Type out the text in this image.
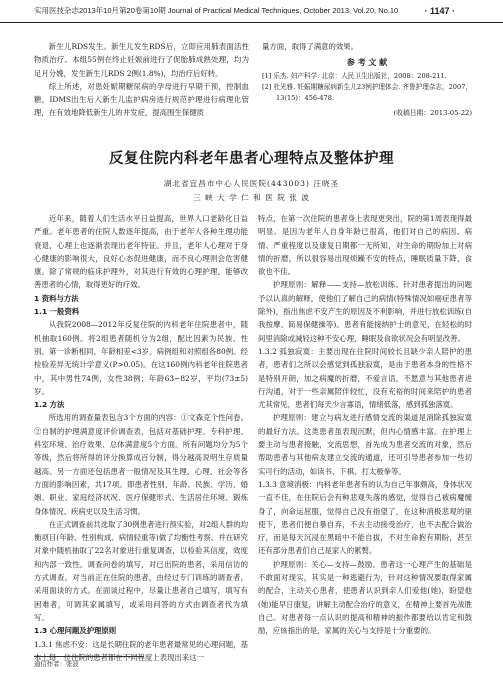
实用医技杂志2013年10月第20卷第10期 Journal of Practical Medical Techniques, October 2013, Vol.20, No.10	· 1147 ·

新生儿RDS发生。新生儿发生RDS后，立即应用肺表面活性物质治疗。本组55例在终止妊娠前进行了促胎肺成熟处理，均为足月分娩，发生新生儿RDS 2例(1.8%)，均治疗后好转。

综上所述，对患妊娠期糖尿病的孕母进行早期干预，控制血糖，IDMS出生后入新生儿监护病房进行规范护理进行病理化管理，在有效地降低新生儿的并发症，提高围生保健质

量方面，取得了满意的效果。

参 考 文 献

[1] 乐杰. 妇产科学. 北京：人民卫生出版社，2008：208-211.

[2] 杜光雅. 妊娠期糖尿病新生儿23例护理体会. 齐鲁护理杂志，2007，13(15)：456-478.

(收稿日期：2013-05-22)
反复住院内科老年患者心理特点及整体护理
湖北省宜昌市中心人民医院(443003) 汪晓圣
三 峡 大 学 仁 和 医 院 张 波

近年来，随着人们生活水平日益提高，世界人口老龄化日益严重。老年患者的住院人数逐年提高，由于老年人各种生理功能衰退，心理上也逐渐表现出老年特征。并且，老年人心理对于身心健康的影响很大，良好心态促进健康，而不良心理则会危害健康。除了常规的临床护理外，对其进行有效的心理护理，能够改善患者的心情，取得更好的疗效。

1 资料与方法

1.1 一般资料

从我院2008—2012年反复住院的内科老年住院患者中，随机抽取160例。将2组患者随机分为2组，配比因素为民族、性别、第一诊断相同，年龄相差<3岁。病例组和对照组各80例。经检验差异无统计学意义(P>0.05)。在这160例内科老年住院患者中，其中男性74例，女性38例；年龄63~82岁，平均(73±5)岁。

1.2 方法

所选用的调查量表包含3个方面的内容：①文森克个性问卷。②自制的护理满意度评价调查表，包括对基础护理、专科护理、科室环境、治疗效果、总体满意度5个方面。所有问题均分为5个等级，然后将所得的评分换算成百分制，得分越高说明生存质量越高。另一方面还包括患者一般情况及其生理、心理、社会等各方面的影响因素，共17项。即患者性别、年龄、民族、学历、婚姻、职业、家庭经济状况、医疗保健形式、生活居住环境、锻炼身体情况、疾病史以及生活习惯。

在正式调查前共选取了30例患者进行预实验，对2组人群的均衡项目(年龄、性别构成、病情轻重等)做了均衡性考察。并在研究对象中随机抽取了22名对象进行重复调查，以检验其信度，效度和内部一致性。调查问卷的填写，对已出院的患者，采用信访的方式调查。对当前正在住院的患者，由经过专门训练的调查者，采用面谈的方式。在面谈过程中，尽量让患者自己填写，填写有困难者，可调其家属填写，或采用问答的方式由调查者代为填写。

1.3 心理问题及护理原则

1.3.1 焦虑不安：这是长期住院的老年患者最常见的心理问题，基本上每一位住院的患者都在不同程度上表现出来这一

特点，在第一次住院的患者身上表现更突出，院的第1周表现得最明显。是因为老年人自身年龄已很高，他们对自己的病因、病情、严重程度以及康复日期都一无所知，对生命的期盼加上对病情的折磨，所以很容易出现烦躁不安的特点，睡眠质量下降，食欲也不佳。

护理原则：解释——支持—放松训练。针对患者提出的问题予以认真的解释，使他们了解自己的病情(特殊情况如癌症患者等除外)，指出焦虑不安产生的原因及不利影响，并进行放松训练(自我按摩、简易保健操等)。患者有能接纳护士的意见，在轻松的时间里消除或减轻这种不安心理，睡眠及食欲状况会有明显改善。

1.3.2 孤独寂寞：主要出现在住院时间较长且缺少亲人陪护的患者，患者们之所以会感觉到孤独寂寞，是由于患者本身的性格不是特别开朗，加之病魔的折磨，不爱言语，不愿意与其他患者进行沟通，对于一些亲属陪伴较忙，没有充裕的时间来陪护的患者尤其常见，患者们每天少言寡语，情绪低落，感到孤独落寞。

护理原则：建立与病友进行感情交流的渠道是消除孤独寂寞的最好方法。这类患者虽表现沉默，但内心情感丰富。在护理上要主动与患者接触，交流思想，首先成为患者交流的对象，然后帮助患者与其他病友建立交流的通道，还可引导患者参加一些切实可行的活动，如读书、下棋、打太极拳等。

1.3.3 意境消极：内科老年患者有的认为自己年事颇高，身体状况一直不佳，在住院后会有种悲观失落的感觉，觉得自己被病魔缠身了，向命运屈服，觉得自己没有指望了，在这种消极悲观的驱使下，患者们便自暴自弃，不去主动接受治疗，也不去配合做治疗，而是每天沉浸在黑暗中不能自拔，不对生命抱有期盼，甚至还有部分患者们自己是家人的累赘。

护理原则：关心—支持—鼓励。患者这一心理产生的基础是不敢面对现实，其实是一种逃避行为，针对这种情况要取得家属的配合，主动关心患者，使患者认识到亲人们爱他(她)，盼望他(她)能早日康复，讲解主动配合治疗的意义，在精神上要首先战胜自己。对患者每一点认识的提高和精神的振作都要给以肯定和鼓励，应该指出的是，家属的关心与支持是十分重要的。

通信作者：张波
